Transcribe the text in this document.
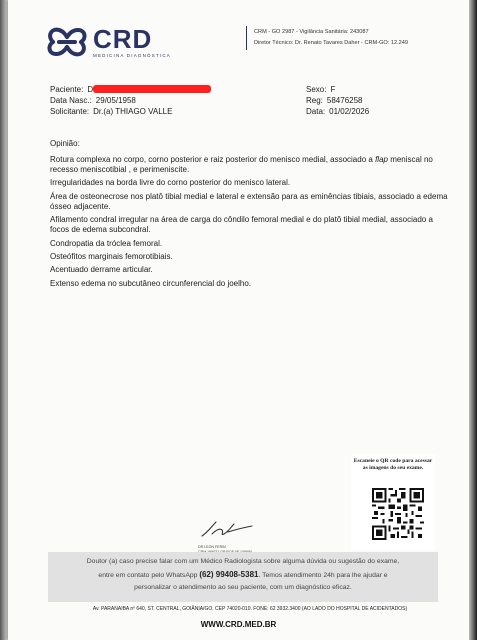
CRD
MEDICINA DIAGNÓSTICA
CRM - GO 2987 - Vigilância Sanitária: 243087
Diretor Técnico: Dr. Renato Tavares Daher - CRM-GO: 12.249
Paciente: D	Sexo: F
Data Nasc.: 29/05/1958	Reg: 58476258
Solicitante: Dr.(a) THIAGO VALLE	Data: 01/02/2026
Opinião:
Rotura complexa no corpo, corno posterior e raiz posterior do menisco medial, associado a flap meniscal no recesso meniscotibial , e perimeniscite.
Irregularidades na borda livre do corno posterior do menisco lateral.
Área de osteonecrose nos platô tibial medial e lateral e extensão para as eminências tibiais, associado a edema ósseo adjacente.
Afilamento condral irregular na área de carga do côndilo femoral medial e do platô tibial medial, associado a focos de edema subcondral.
Condropatia da tróclea femoral.
Osteófitos marginais femorotibiais.
Acentuado derrame articular.
Extenso edema no subcutâneo circunferencial do joelho.
Escaneie o QR code para acessar as imagens do seu exame.
DR LEON FERIN
Doutor (a) caso precise falar com um Médico Radiologista sobre alguma dúvida ou sugestão do exame,
entre em contato pelo WhatsApp (62) 99408-5381. Temos atendimento 24h para lhe ajudar e
personalizar o atendimento ao seu paciente, com um diagnóstico eficaz.
Av. PARANAIBA nº 640, ST. CENTRAL, GOIÂNIA/GO. CEP 74020-010. FONE: 62 3932.3400 (AO LADO DO HOSPITAL DE ACIDENTADOS)
WWW.CRD.MED.BR
